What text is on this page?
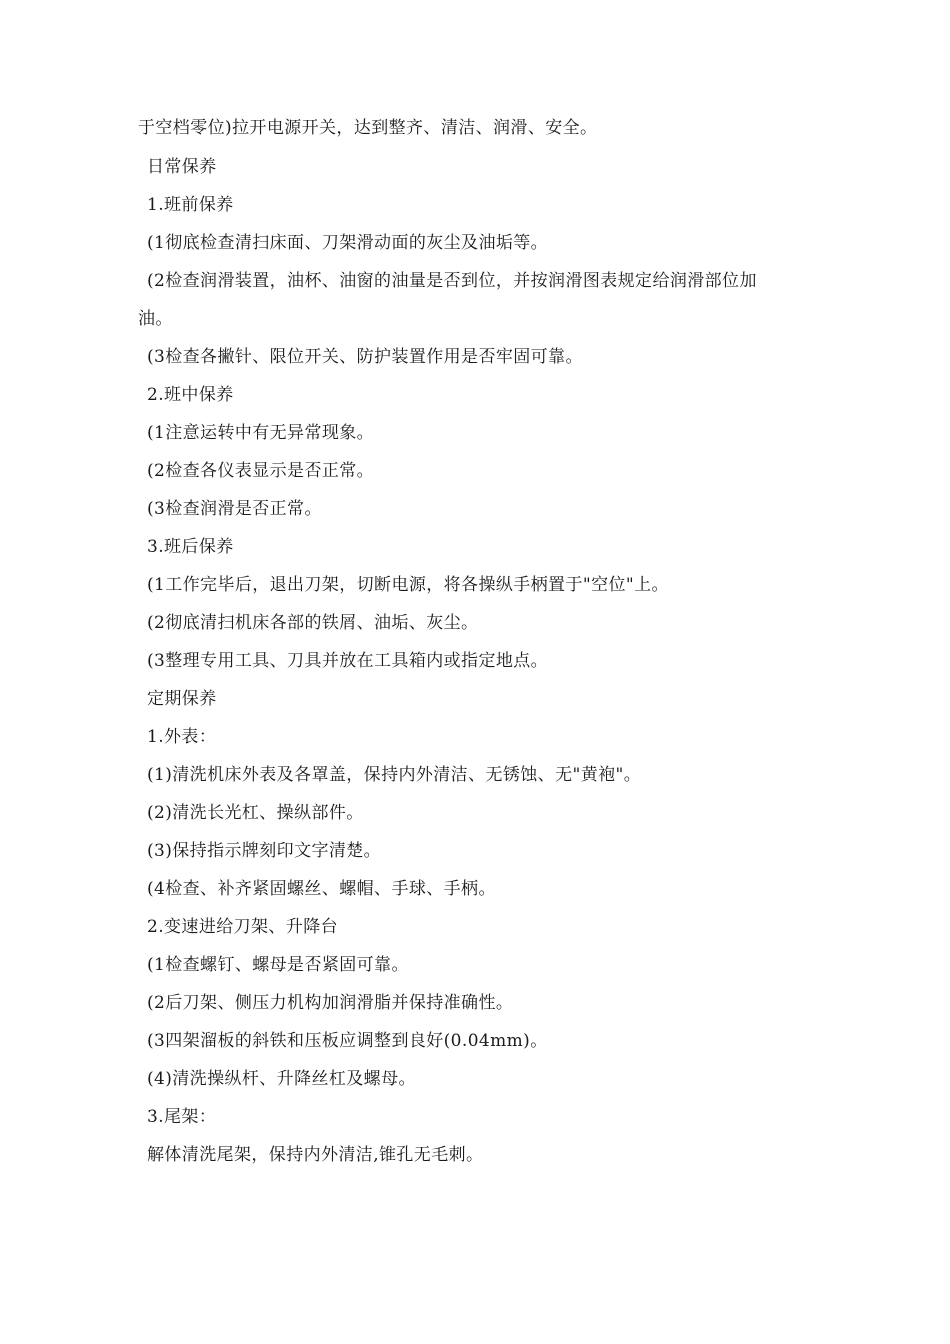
于空档零位)拉开电源开关，达到整齐、清洁、润滑、安全。
日常保养
1.班前保养
(1彻底检查清扫床面、刀架滑动面的灰尘及油垢等。
(2检查润滑装置，油杯、油窗的油量是否到位，并按润滑图表规定给润滑部位加
油。
(3检查各撇针、限位开关、防护装置作用是否牢固可靠。
2.班中保养
(1注意运转中有无异常现象。
(2检查各仪表显示是否正常。
(3检查润滑是否正常。
3.班后保养
(1工作完毕后，退出刀架，切断电源，将各操纵手柄置于"空位"上。
(2彻底清扫机床各部的铁屑、油垢、灰尘。
(3整理专用工具、刀具并放在工具箱内或指定地点。
定期保养
1.外表：
(1)清洗机床外表及各罩盖，保持内外清洁、无锈蚀、无"黄袍"。
(2)清洗长光杠、操纵部件。
(3)保持指示牌刻印文字清楚。
(4检查、补齐紧固螺丝、螺帽、手球、手柄。
2.变速进给刀架、升降台
(1检查螺钉、螺母是否紧固可靠。
(2后刀架、侧压力机构加润滑脂并保持准确性。
(3四架溜板的斜铁和压板应调整到良好(0.04mm)。
(4)清洗操纵杆、升降丝杠及螺母。
3.尾架：
解体清洗尾架，保持内外清洁,锥孔无毛刺。
